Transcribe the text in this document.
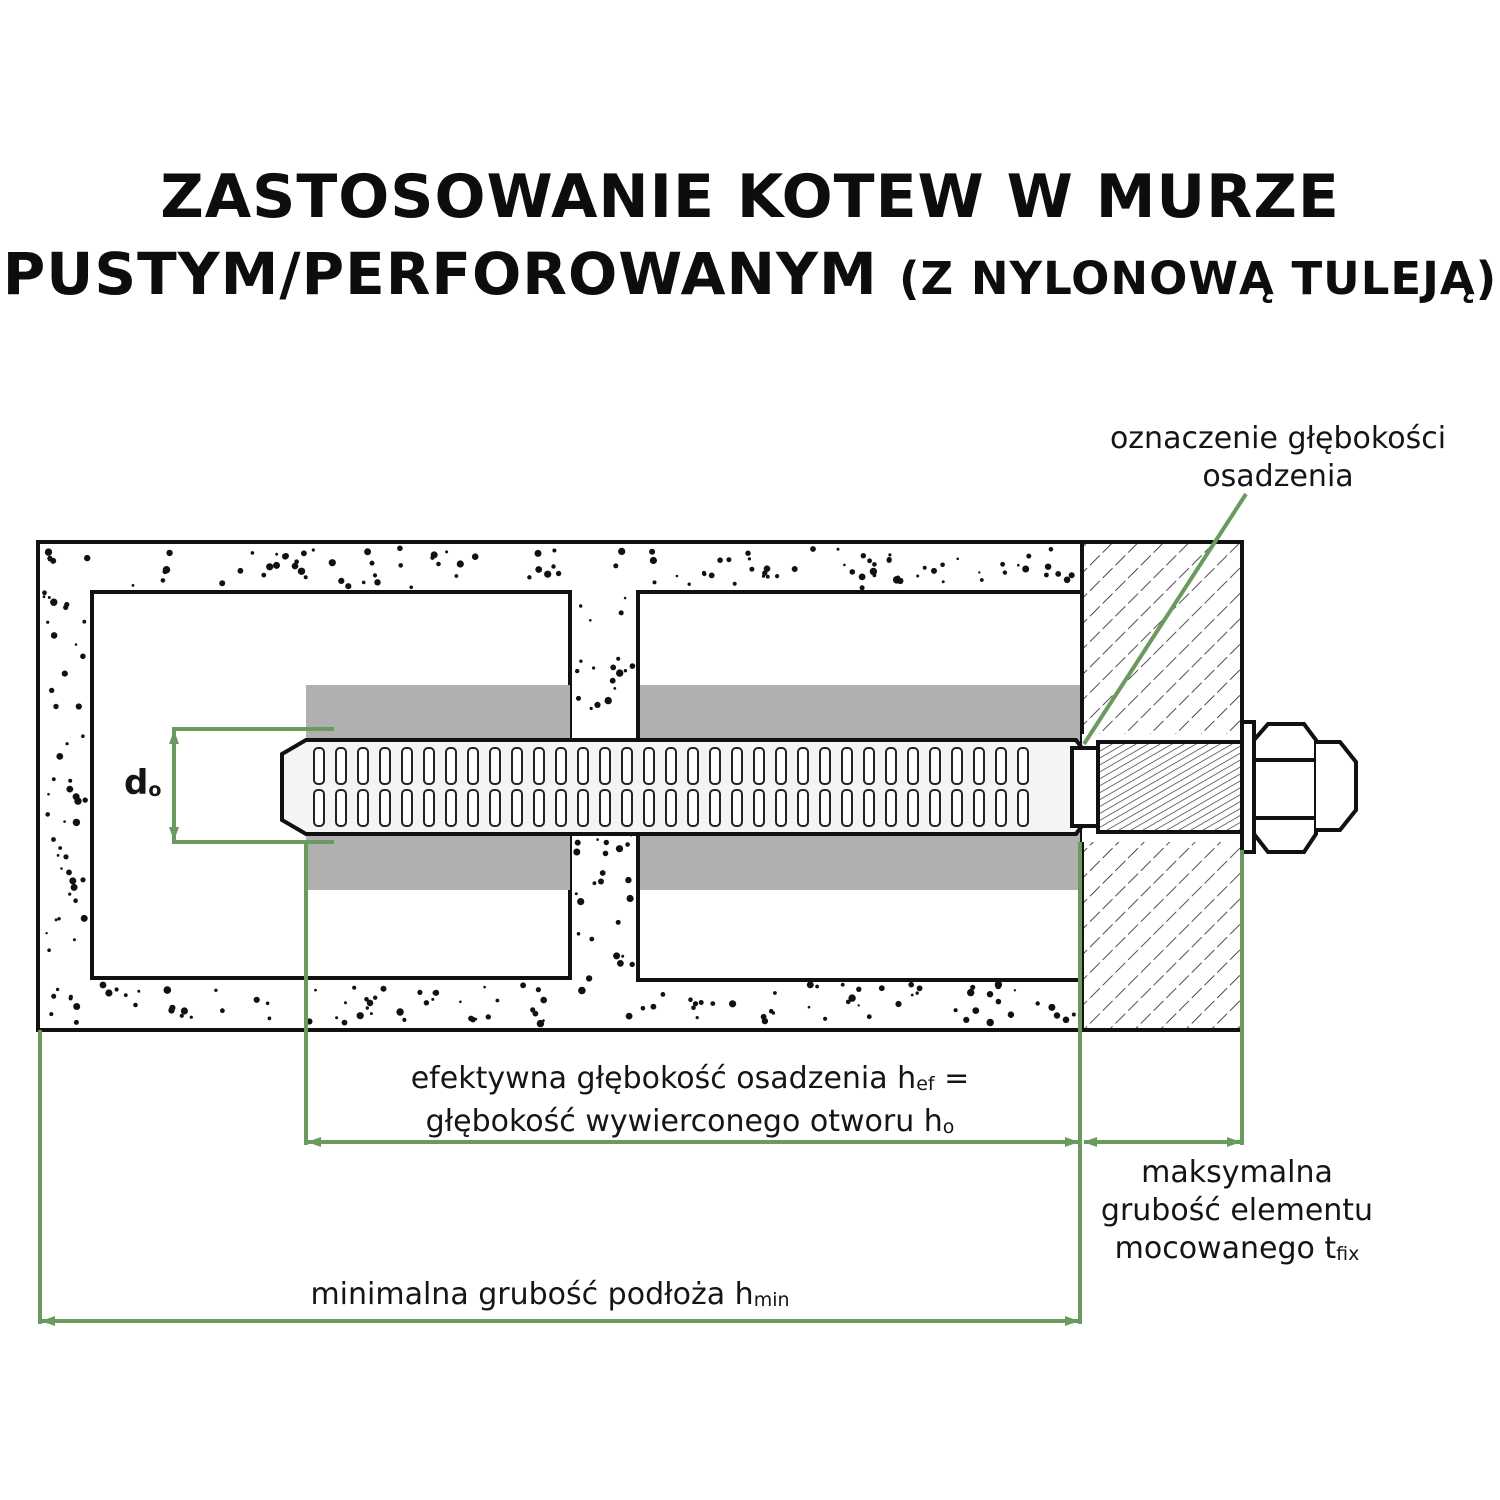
ZASTOSOWANIE KOTEW W MURZE
PUSTYM/PERFOROWANYM (Z NYLONOWĄ TULEJĄ)
oznaczenie głębokości
osadzenia
do
efektywna głębokość osadzenia hef =
głębokość wywierconego otworu ho
maksymalna
grubość elementu
mocowanego tfix
minimalna grubość podłoża hmin
